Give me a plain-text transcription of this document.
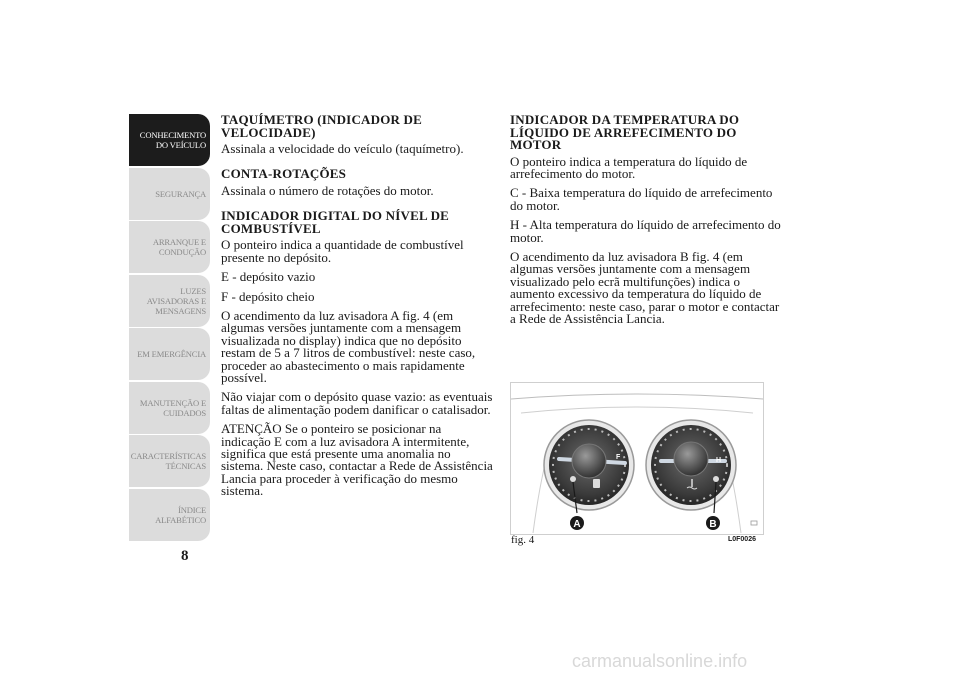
CONHECIMENTO
DO VEÍCULO
SEGURANÇA
ARRANQUE E
CONDUÇÃO
LUZES
AVISADORAS E
MENSAGENS
EM EMERGÊNCIA
MANUTENÇÃO E
CUIDADOS
CARACTERÍSTICAS
TÉCNICAS
ÍNDICE
ALFABÉTICO
8

TAQUÍMETRO (INDICADOR DE VELOCIDADE)

Assinala a velocidade do veículo (taquímetro).

CONTA-ROTAÇÕES

Assinala o número de rotações do motor.

INDICADOR DIGITAL DO NÍVEL DE COMBUSTÍVEL

O ponteiro indica a quantidade de combustível presente no depósito.

E - depósito vazio

F - depósito cheio

O acendimento da luz avisadora A fig. 4 (em algumas versões juntamente com a mensagem visualizada no display) indica que no depósito restam de 5 a 7 litros de combustível: neste caso, proceder ao abastecimento o mais rapidamente possível.

Não viajar com o depósito quase vazio: as eventuais faltas de alimentação podem danificar o catalisador.

ATENÇÃO Se o ponteiro se posicionar na indicação E com a luz avisadora A intermitente, significa que está presente uma anomalia no sistema. Neste caso, contactar a Rede de Assistência Lancia para proceder à verificação do mesmo sistema.

INDICADOR DA TEMPERATURA DO LÍQUIDO DE ARREFECIMENTO DO MOTOR

O ponteiro indica a temperatura do líquido de arrefecimento do motor.

C - Baixa temperatura do líquido de arrefecimento do motor.

H - Alta temperatura do líquido de arrefecimento do motor.

O acendimento da luz avisadora B fig. 4 (em algumas versões juntamente com a mensagem visualizado pelo ecrã multifunções) indica o aumento excessivo da temperatura do líquido de arrefecimento: neste caso, parar o motor e contactar a Rede de Assistência Lancia.

F	H
A	B
fig. 4	L0F0026
carmanualsonline.info
